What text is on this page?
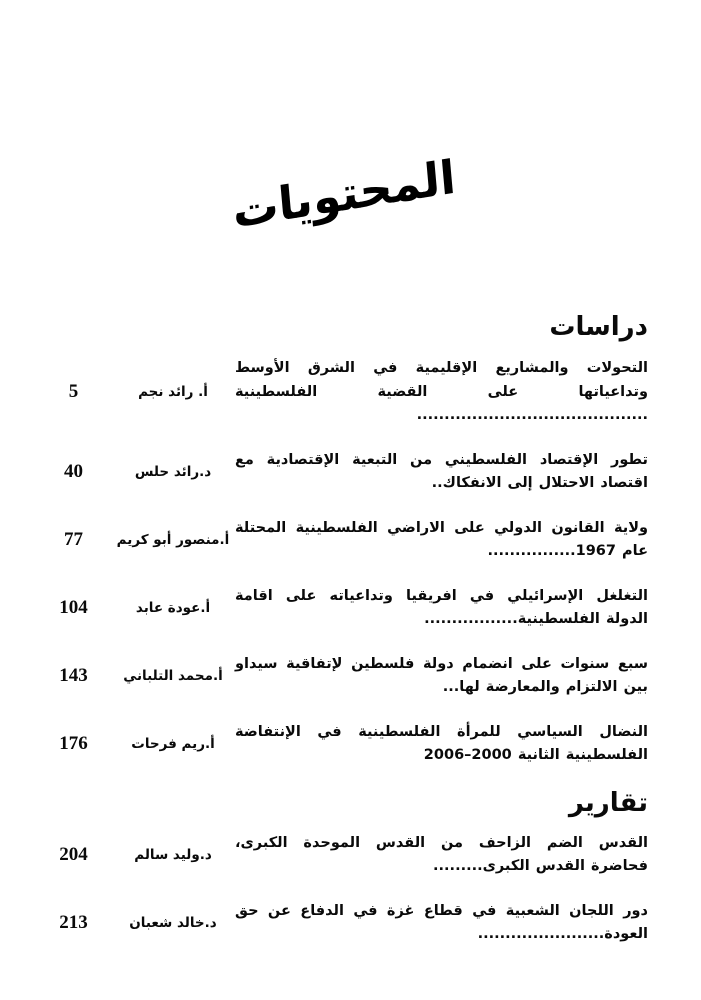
المحتويات
دراسات
التحولات والمشاريع الإقليمية في الشرق الأوسط وتداعياتها على القضية الفلسطينية ..........................................
أ. رائد نجم
5
تطور الإقتصاد الفلسطيني من التبعية الإقتصادية مع اقتصاد الاحتلال إلى الانفكاك..
د.رائد حلس
40
ولاية القانون الدولي على الاراضي الفلسطينية المحتلة عام 1967................
أ.منصور أبو كريم
77
التغلغل الإسرائيلي في افريقيا وتداعياته على اقامة الدولة الفلسطينية.................
أ.عودة عابد
104
سبع سنوات على انضمام دولة فلسطين لإتفاقية سيداو بين الالتزام والمعارضة لها...
أ.محمد التلباني
143
النضال السياسي للمرأة الفلسطينية في الإنتفاضة الفلسطينية الثانية 2000–2006
أ.ريم فرحات
176
تقارير
القدس الضم الزاحف من القدس الموحدة الكبرى، فحاضرة القدس الكبرى.........
د.وليد سالم
204
دور اللجان الشعبية في قطاع غزة في الدفاع عن حق العودة.......................
د.خالد شعبان
213
